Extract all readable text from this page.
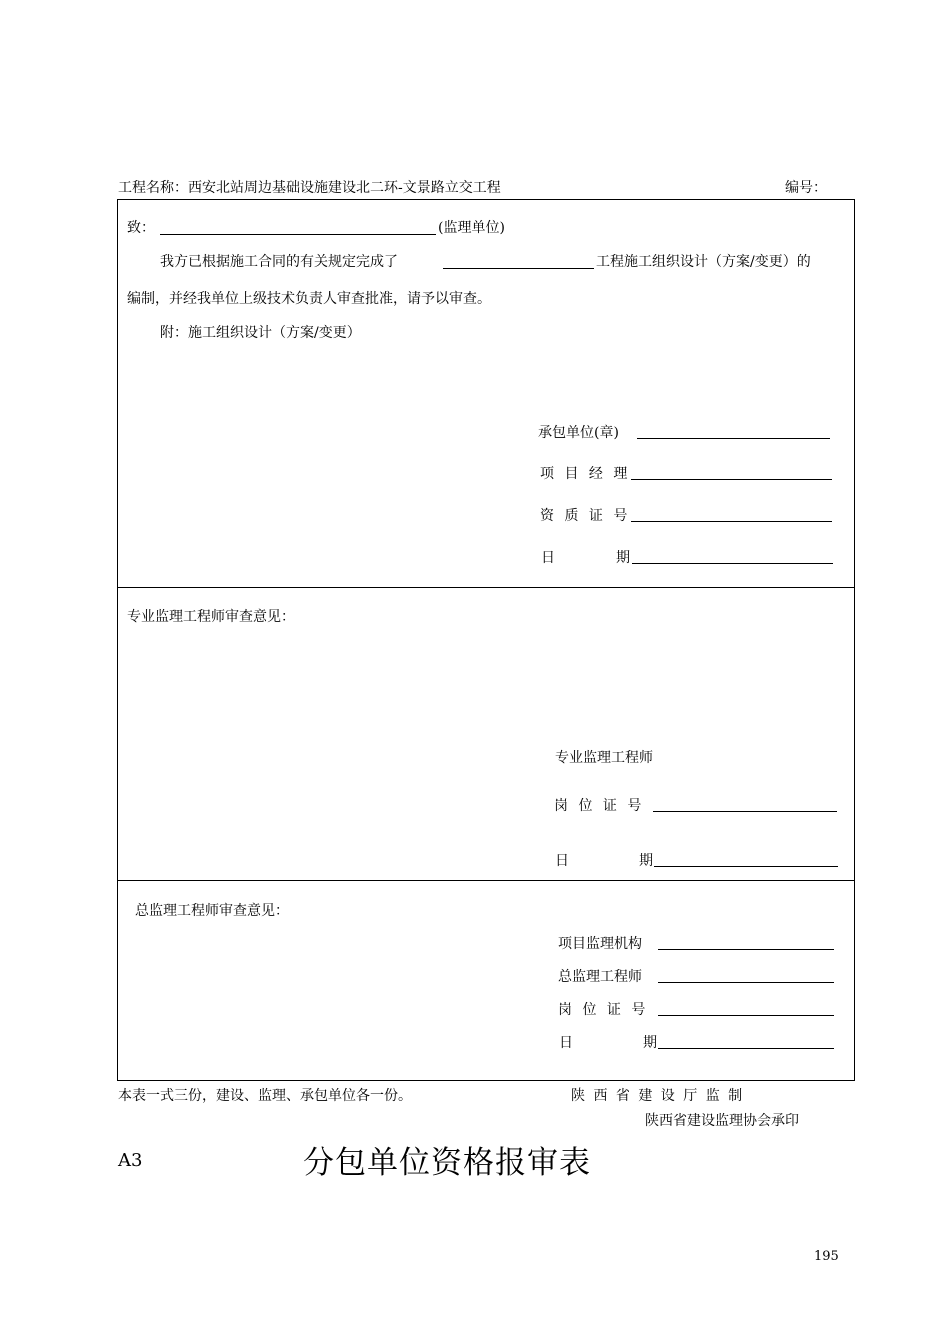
工程名称：西安北站周边基础设施建设北二环-文景路立交工程	编号：
致：	(监理单位)
我方已根据施工合同的有关规定完成了	工程施工组织设计（方案/变更）的
编制，并经我单位上级技术负责人审查批准，请予以审查。
附：施工组织设计（方案/变更）
承包单位(章)
项 目 经 理
资 质 证 号
日	期
专业监理工程师审查意见：
专业监理工程师
岗 位 证 号
日	期
总监理工程师审查意见：
项目监理机构
总监理工程师
岗 位 证 号
日	期
本表一式三份，建设、监理、承包单位各一份。	陕 西 省 建 设 厅 监 制
陕西省建设监理协会承印
A3	分包单位资格报审表
195
